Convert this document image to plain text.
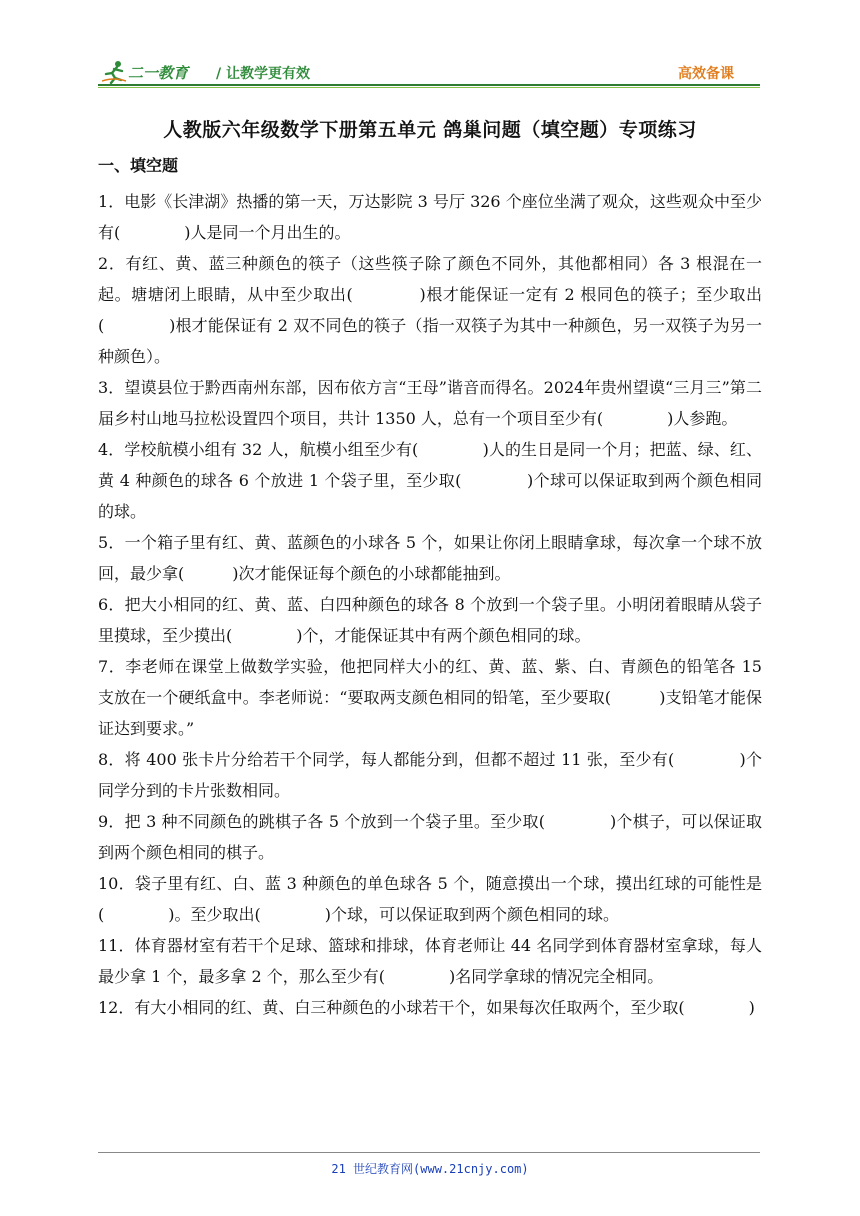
二一教育 / 让教学更有效	高效备课
人教版六年级数学下册第五单元 鸽巢问题（填空题）专项练习
一、填空题

1．电影《长津湖》热播的第一天，万达影院 3 号厅 326 个座位坐满了观众，这些观众中至少有(　　　　)人是同一个月出生的。

2．有红、黄、蓝三种颜色的筷子（这些筷子除了颜色不同外，其他都相同）各 3 根混在一起。塘塘闭上眼睛，从中至少取出(　　　　)根才能保证一定有 2 根同色的筷子；至少取出(　　　　)根才能保证有 2 双不同色的筷子（指一双筷子为其中一种颜色，另一双筷子为另一种颜色）。

3．望谟县位于黔西南州东部，因布依方言“王母”谐音而得名。2024年贵州望谟“三月三”第二届乡村山地马拉松设置四个项目，共计 1350 人，总有一个项目至少有(　　　　)人参跑。

4．学校航模小组有 32 人，航模小组至少有(　　　　)人的生日是同一个月；把蓝、绿、红、黄 4 种颜色的球各 6 个放进 1 个袋子里，至少取(　　　　)个球可以保证取到两个颜色相同的球。

5．一个箱子里有红、黄、蓝颜色的小球各 5 个，如果让你闭上眼睛拿球，每次拿一个球不放回，最少拿(　　　)次才能保证每个颜色的小球都能抽到。

6．把大小相同的红、黄、蓝、白四种颜色的球各 8 个放到一个袋子里。小明闭着眼睛从袋子里摸球，至少摸出(　　　　)个，才能保证其中有两个颜色相同的球。

7．李老师在课堂上做数学实验，他把同样大小的红、黄、蓝、紫、白、青颜色的铅笔各 15 支放在一个硬纸盒中。李老师说：“要取两支颜色相同的铅笔，至少要取(　　　)支铅笔才能保证达到要求。”

8．将 400 张卡片分给若干个同学，每人都能分到，但都不超过 11 张，至少有(　　　　)个同学分到的卡片张数相同。

9．把 3 种不同颜色的跳棋子各 5 个放到一个袋子里。至少取(　　　　)个棋子，可以保证取到两个颜色相同的棋子。

10．袋子里有红、白、蓝 3 种颜色的单色球各 5 个，随意摸出一个球，摸出红球的可能性是(　　　　)。至少取出(　　　　)个球，可以保证取到两个颜色相同的球。

11．体育器材室有若干个足球、篮球和排球，体育老师让 44 名同学到体育器材室拿球，每人最少拿 1 个，最多拿 2 个，那么至少有(　　　　)名同学拿球的情况完全相同。

12．有大小相同的红、黄、白三种颜色的小球若干个，如果每次任取两个，至少取(　　　　)

21 世纪教育网(www.21cnjy.com)
